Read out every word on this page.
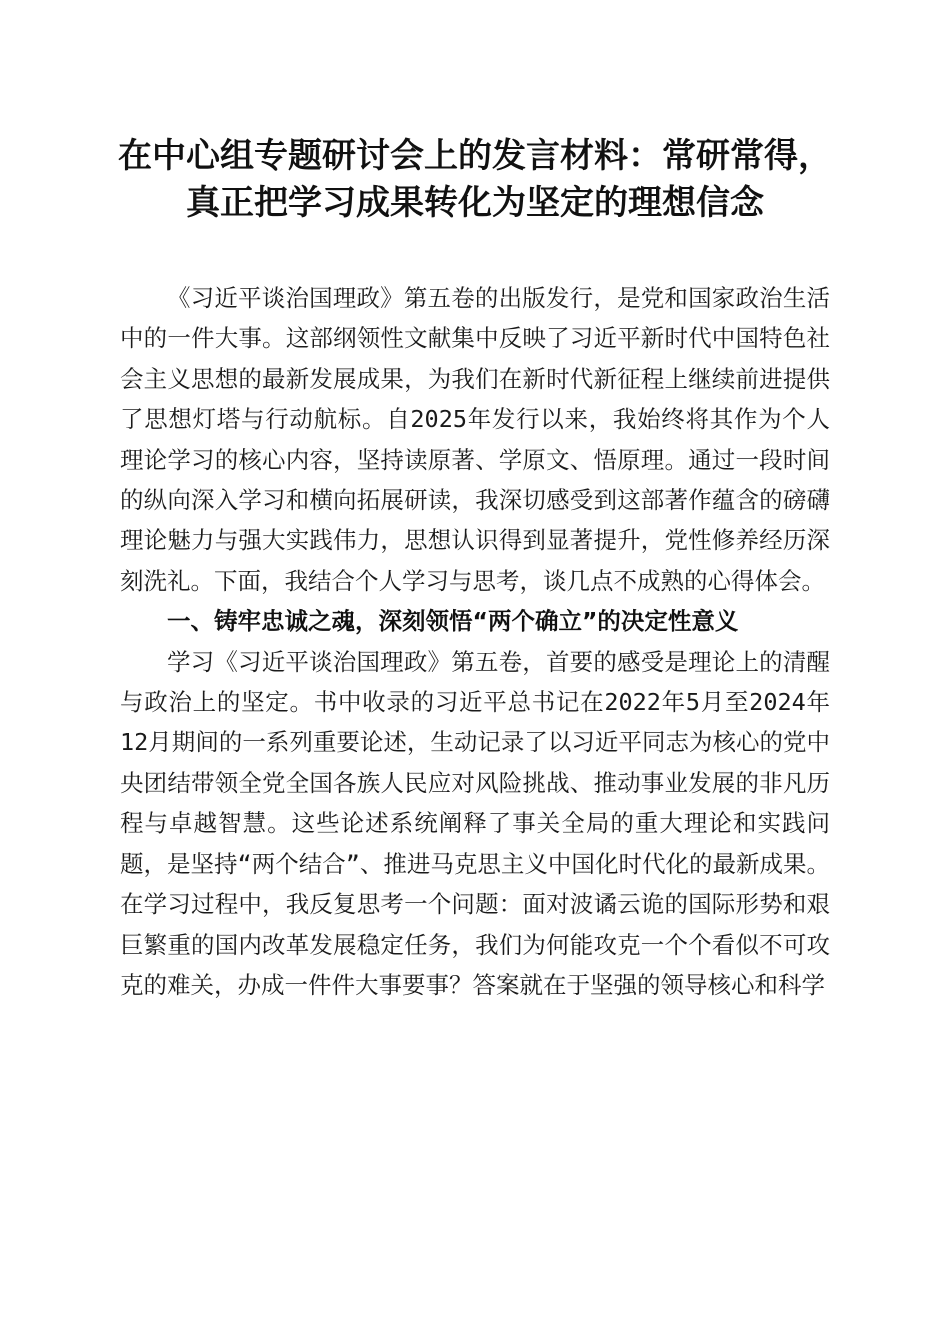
在中心组专题研讨会上的发言材料：常研常得，
真正把学习成果转化为坚定的理想信念

《习近平谈治国理政》第五卷的出版发行，是党和国家政治生活中的一件大事。这部纲领性文献集中反映了习近平新时代中国特色社会主义思想的最新发展成果，为我们在新时代新征程上继续前进提供了思想灯塔与行动航标。自2025年发行以来，我始终将其作为个人理论学习的核心内容，坚持读原著、学原文、悟原理。通过一段时间的纵向深入学习和横向拓展研读，我深切感受到这部著作蕴含的磅礴理论魅力与强大实践伟力，思想认识得到显著提升，党性修养经历深刻洗礼。下面，我结合个人学习与思考，谈几点不成熟的心得体会。

一、铸牢忠诚之魂，深刻领悟“两个确立”的决定性意义

学习《习近平谈治国理政》第五卷，首要的感受是理论上的清醒与政治上的坚定。书中收录的习近平总书记在2022年5月至2024年12月期间的一系列重要论述，生动记录了以习近平同志为核心的党中央团结带领全党全国各族人民应对风险挑战、推动事业发展的非凡历程与卓越智慧。这些论述系统阐释了事关全局的重大理论和实践问题，是坚持“两个结合”、推进马克思主义中国化时代化的最新成果。在学习过程中，我反复思考一个问题：面对波谲云诡的国际形势和艰巨繁重的国内改革发展稳定任务，我们为何能攻克一个个看似不可攻克的难关，办成一件件大事要事？答案就在于坚强的领导核心和科学
